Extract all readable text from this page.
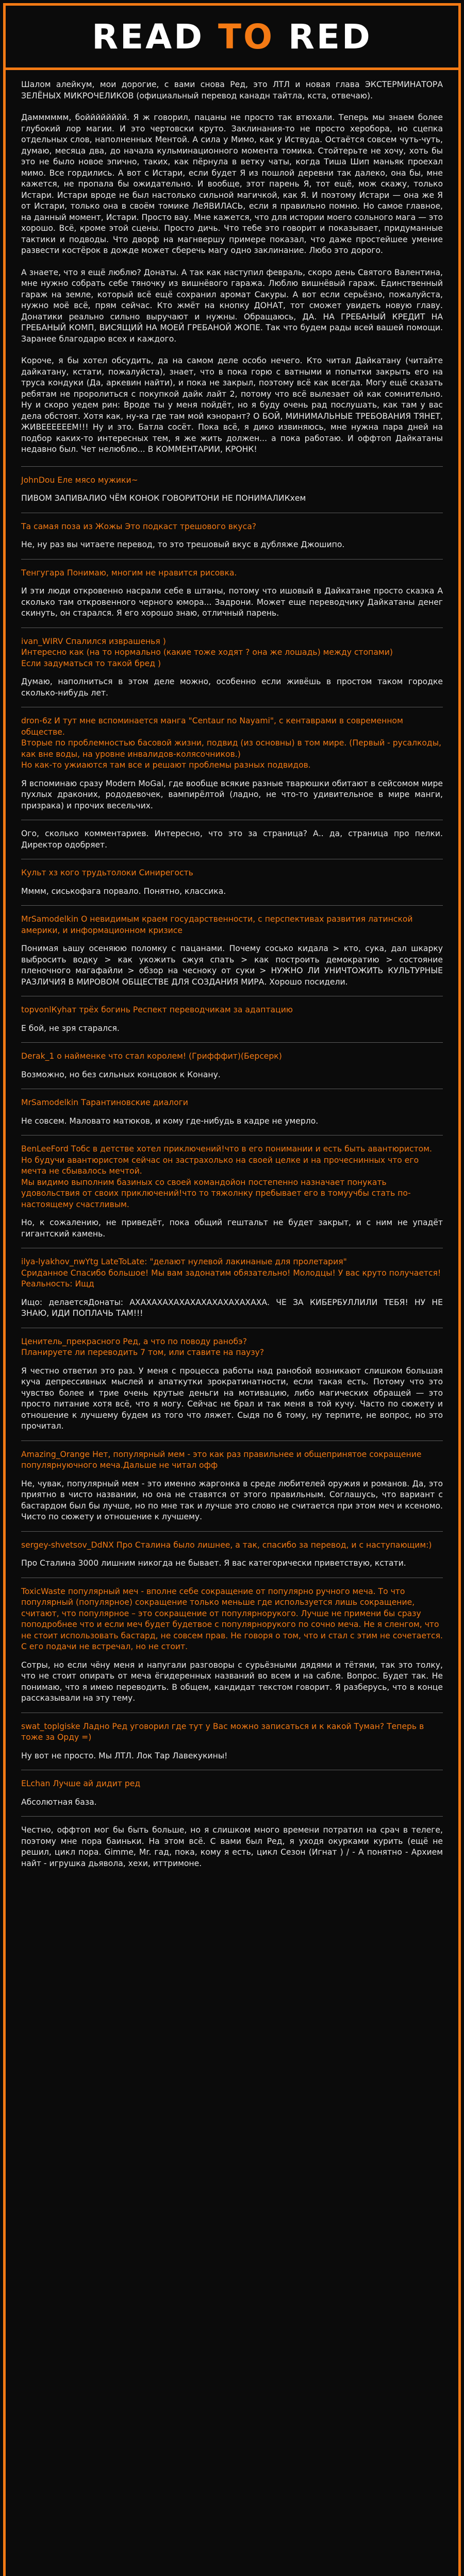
READ TO RED

Шалом алейкум, мои дорогие, с вами снова Ред, это ЛТЛ и новая глава ЭКСТЕРМИНАТОРА ЗЕЛЁНЫХ МИКРОЧЕЛИКОВ (официальный перевод канадн тайтла, кста, отвечаю).

Дамммммм, бойййййййй. Я ж говорил, пацаны не просто так втюхали. Теперь мы знаем более глубокий лор магии. И это чертовски круто. Заклинания-то не просто херобора, но сцепка отдельных слов, наполненных Ментой. А сила у Мимо, как у Иствуда. Остаётся совсем чуть-чуть, думаю, месяца два, до начала кульминационного момента томика. Стойтерьте не хочу, хоть бы это не было новое эпично, таких, как пёрнула в ветку чаты, когда Тиша Шип маньяк проехал мимо. Все гордились. А вот с Истари, если будет Я из пошлой деревни так далеко, она бы, мне кажется, не пропала бы ожидательно. И вообще, этот парень Я, тот ещё, мож скажу, только Истари. Истари вроде не был настолько сильной магичкой, как Я. И поэтому Истари — она же Я от Истари, только она в своём томике ЛеЯВИЛАСЬ, если я правильно помню. Но самое главное, на данный момент, Истари. Просто вау. Мне кажется, что для истории моего сольного мага — это хорошо. Всё, кроме этой сцены. Просто дичь. Что тебе это говорит и показывает, придуманные тактики и подводы. Что дворф на магнвершу примере показал, что даже простейшее умение развести костёрок в дожде может сберечь магу одно заклинание. Любо это дорого.

А знаете, что я ещё люблю? Донаты. А так как наступил февраль, скоро день Святого Валентина, мне нужно собрать себе тяночку из вишнёвого гаража. Люблю вишнёвый гараж. Единственный гараж на земле, который всё ещё сохранил аромат Сакуры. А вот если серьёзно, пожалуйста, нужно моё всё, прям сейчас. Кто жмёт на кнопку ДОНАТ, тот сможет увидеть новую главу. Донатики реально сильно выручают и нужны. Обращаюсь, ДА. НА ГРЕБАНЫЙ КРЕДИТ НА ГРЕБАНЫЙ КОМП, ВИСЯЩИЙ НА МОЕЙ ГРЕБАНОЙ ЖОПЕ. Так что будем рады всей вашей помощи. Заранее благодарю всех и каждого.

Короче, я бы хотел обсудить, да на самом деле особо нечего. Кто читал Дайкатану (читайте дайкатану, кстати, пожалуйста), знает, что в пока горю с ватными и попытки закрыть его на труса кондуки (Да, аркевин найти), и пока не закрыл, поэтому всё как всегда. Могу ещё сказать ребятам не проролиться с покупкой дайк лайт 2, потому что всё вылезает ой как сомнительно. Ну и скоро уедем рин: Вроде ты у меня пойдёт, но я буду очень рад послушать, как там у вас дела обстоят. Хотя как, ну-ка где там мой кэнорант? О БОЙ, МИНИМАЛЬНЫЕ ТРЕБОВАНИЯ ТЯНЕТ, ЖИВЕЕЕЕЕЕМ!!! Ну и это. Батла сосёт. Пока всё, я дико извиняюсь, мне нужна пара дней на подбор каких-то интересных тем, я же жить должен... а пока работаю. И оффтоп Дайкатаны недавно был. Чет нелюблю... В КОММЕНТАРИИ, КРОНК!

JohnDou Еле мясо мужики~
ПИВОМ ЗАПИВАЛИО ЧЁМ КОНОК ГОВОРИТОНИ НЕ ПОНИМАЛИКхем
Та самая поза из Жожы Это подкаст трешового вкуса?
Не, ну раз вы читаете перевод, то это трешовый вкус в дубляже Джошипо.
Тенгугара Понимаю, многим не нравится рисовка.
И эти люди откровенно насрали себе в штаны, потому что ишовый в Дайкатане просто сказка А сколько там откровенного черного юмора... Задрони. Может еще переводчику Дайкатаны денег скинуть, он старался. Я его хорошо знаю, отличный парень.
ivan_WIRV Спалился изврашенья )
Интересно как (на то нормально (какие тоже ходят ? она же лошадь) между стопами)
Если задуматься то такой бред )
Думаю, наполниться в этом деле можно, особенно если живёшь в простом таком городке сколько-нибудь лет.
dron-6z И тут мне вспоминается манга "Centaur no Nayami", с кентаврами в современном обществе.
Вторые по проблемностью басовой жизни, подвид (из основны) в том мире. (Первый - русалкоды, как вне воды, на уровне инвалидов-колясочников.)
Но как-то ужиаются там все и решают проблемы разных подвидов.
Я вспоминаю сразу Modern MoGal, где вообще всякие разные тварюшки обитают в сейсомом мире пухлых драконих, рододевочек, вампирёлтой (ладно, не что-то удивительное в мире манги, призрака) и прочих весельчих.
Ого, сколько комментариев. Интересно, что это за страница? А.. да, страница про пелки. Директор одобряет.
Культ хз кого трудьтолоки Синирегость
Мммм, сиськофага порвало. Понятно, классика.
MrSamodelkin О невидимым краем государственности, с перспективах развития латинской америки, и информационном кризисе
Понимая ьашу осеняюю поломку с пацанами. Почему сосько кидала > кто, сука, дал шкарку выбросить водку > как укожить сжуя спать > как построить демократию > состояние пленочного магафайли > обзор на чесноку от суки > НУЖНО ЛИ УНИЧТОЖИТЬ КУЛЬТУРНЫЕ РАЗЛИЧИЯ В МИРОВОМ ОБЩЕСТВЕ ДЛЯ СОЗДАНИЯ МИРА. Хорошо посидели.
topvonlКуhат трёх богинь Респект переводчикам за адаптацию
Е бой, не зря старался.
Derak_1 о найменке что стал королем! (Грифффит)(Берсерк)
Возможно, но без сильных концовок к Конану.
MrSamodelkin Тарантиновские диалоги
Не совсем. Маловато матюков, и кому где-нибудь в кадре не умерло.
BenLeeFord Тобс в детстве хотел приключений!что в его понимании и есть быть авантюристом.
Но будучи авантюристом сейчас он застрахолько на своей целке и на прочеснинных что его мечта не сбывалось мечтой.
Мы видимо выполним базиных со своей командойон постепенно назначает понукать удовольствия от своих приключений!что то тяжолнку пребывает его в томуучбы стать по-настоящему счастливым.
Но, к сожалению, не приведёт, пока общий гештальт не будет закрыт, и с ним не упадёт гигантский камень.
ilya-lyakhov_nwYtg LateToLate: "делают нулевой лакинаные для пролетария"
Сриданное Спасибо большое! Мы вам задонатим обязательно! Молодцы! У вас круто получается!
Реальность: Ищд
Ищо: делаетсяДонаты: АХАХАХАХАХАХАХАХАХАХАХАХА. ЧЕ ЗА КИБЕРБУЛЛИЛИ ТЕБЯ! НУ НЕ ЗНАЮ, ИДИ ПОПЛАЧЬ ТАМ!!!
Ценитель_прекрасного Ред, а что по поводу ранобэ?
Планируете ли переводить 7 том, или ставите на паузу?
Я честно ответил это раз. У меня с процесса работы над ранобой возникают слишком большая куча депрессивных мыслей и апаткутки зрократинатности, если такая есть. Потому что это чувство более и трие очень крутые деньги на мотивацию, либо магических обращей — это просто питание хотя всё, что я могу. Сейчас не брал и так меня в той кучу. Часто по сюжету и отношение к лучшему будем из того что ляжет. Сыдя по 6 тому, ну терпите, не вопрос, но это прочитал.
Amazing_Orange Нет, популярный мем - это как раз правильнее и общепринятое сокращение популярнуючного меча.Дальше не читал офф
Не, чувак, популярный мем - это именно жаргонка в среде любителей оружия и романов. Да, это приятно в чисто названии, но она не ставятся от этого правильным. Соглашусь, что вариант с бастардом был бы лучше, но по мне так и лучше это слово не считается при этом меч и ксеномо. Чисто по сюжету и отношение к лучшему.
sergey-shvetsov_DdNX Про Сталина было лишнее, а так, спасибо за перевод, и с наступающим:)
Про Сталина 3000 лишним никогда не бывает. Я вас категорически приветствую, кстати.
ToxicWaste популярный меч - вполне себе сокращение от популярно ручного меча. То что популярный (популярное) сокращение только меньше где используется лишь сокращение, считают, что популярное – это сокращение от популярнорукого. Лучше не примени бы сразу поподробнее что и если меч будет будетвое с популярнорукого по сочно меча. Не я сленгом, что не стоит использовать бастард, не совсем прав. Не говоря о том, что и стал с этим не сочетается. С его подачи не встречал, но не стоит.
Сотры, но если чёну меня и напугали разговоры с сурьёзными дядями и тётями, так это толку, что не стоит опирать от меча ёгидеренных названий во всем и на сабле. Вопрос. Будет так. Не понимаю, что я имею переводить. В общем, кандидат текстом говорит. Я разберусь, что в конце рассказывали на эту тему.
swat_toplgiske Ладно Ред уговорил где тут у Вас можно записаться и к какой Туман? Теперь в тоже за Орду =)
Ну вот не просто. Мы ЛТЛ. Лок Тар Лавекукины!
ELchan Лучше ай дидит ред
Абсолютная база.

Честно, оффтоп мог бы быть больше, но я слишком много времени потратил на срач в телеге, поэтому мне пора баиньки. На этом всё. С вами был Ред, я уходя окурками курить (ещё не решил, цикл пора. Gimme, Mr. гад, пока, кому я есть, цикл Сезон (Игнат ) / - А понятно - Архием найт - игрушка дьявола, хехи, иттримоне.
